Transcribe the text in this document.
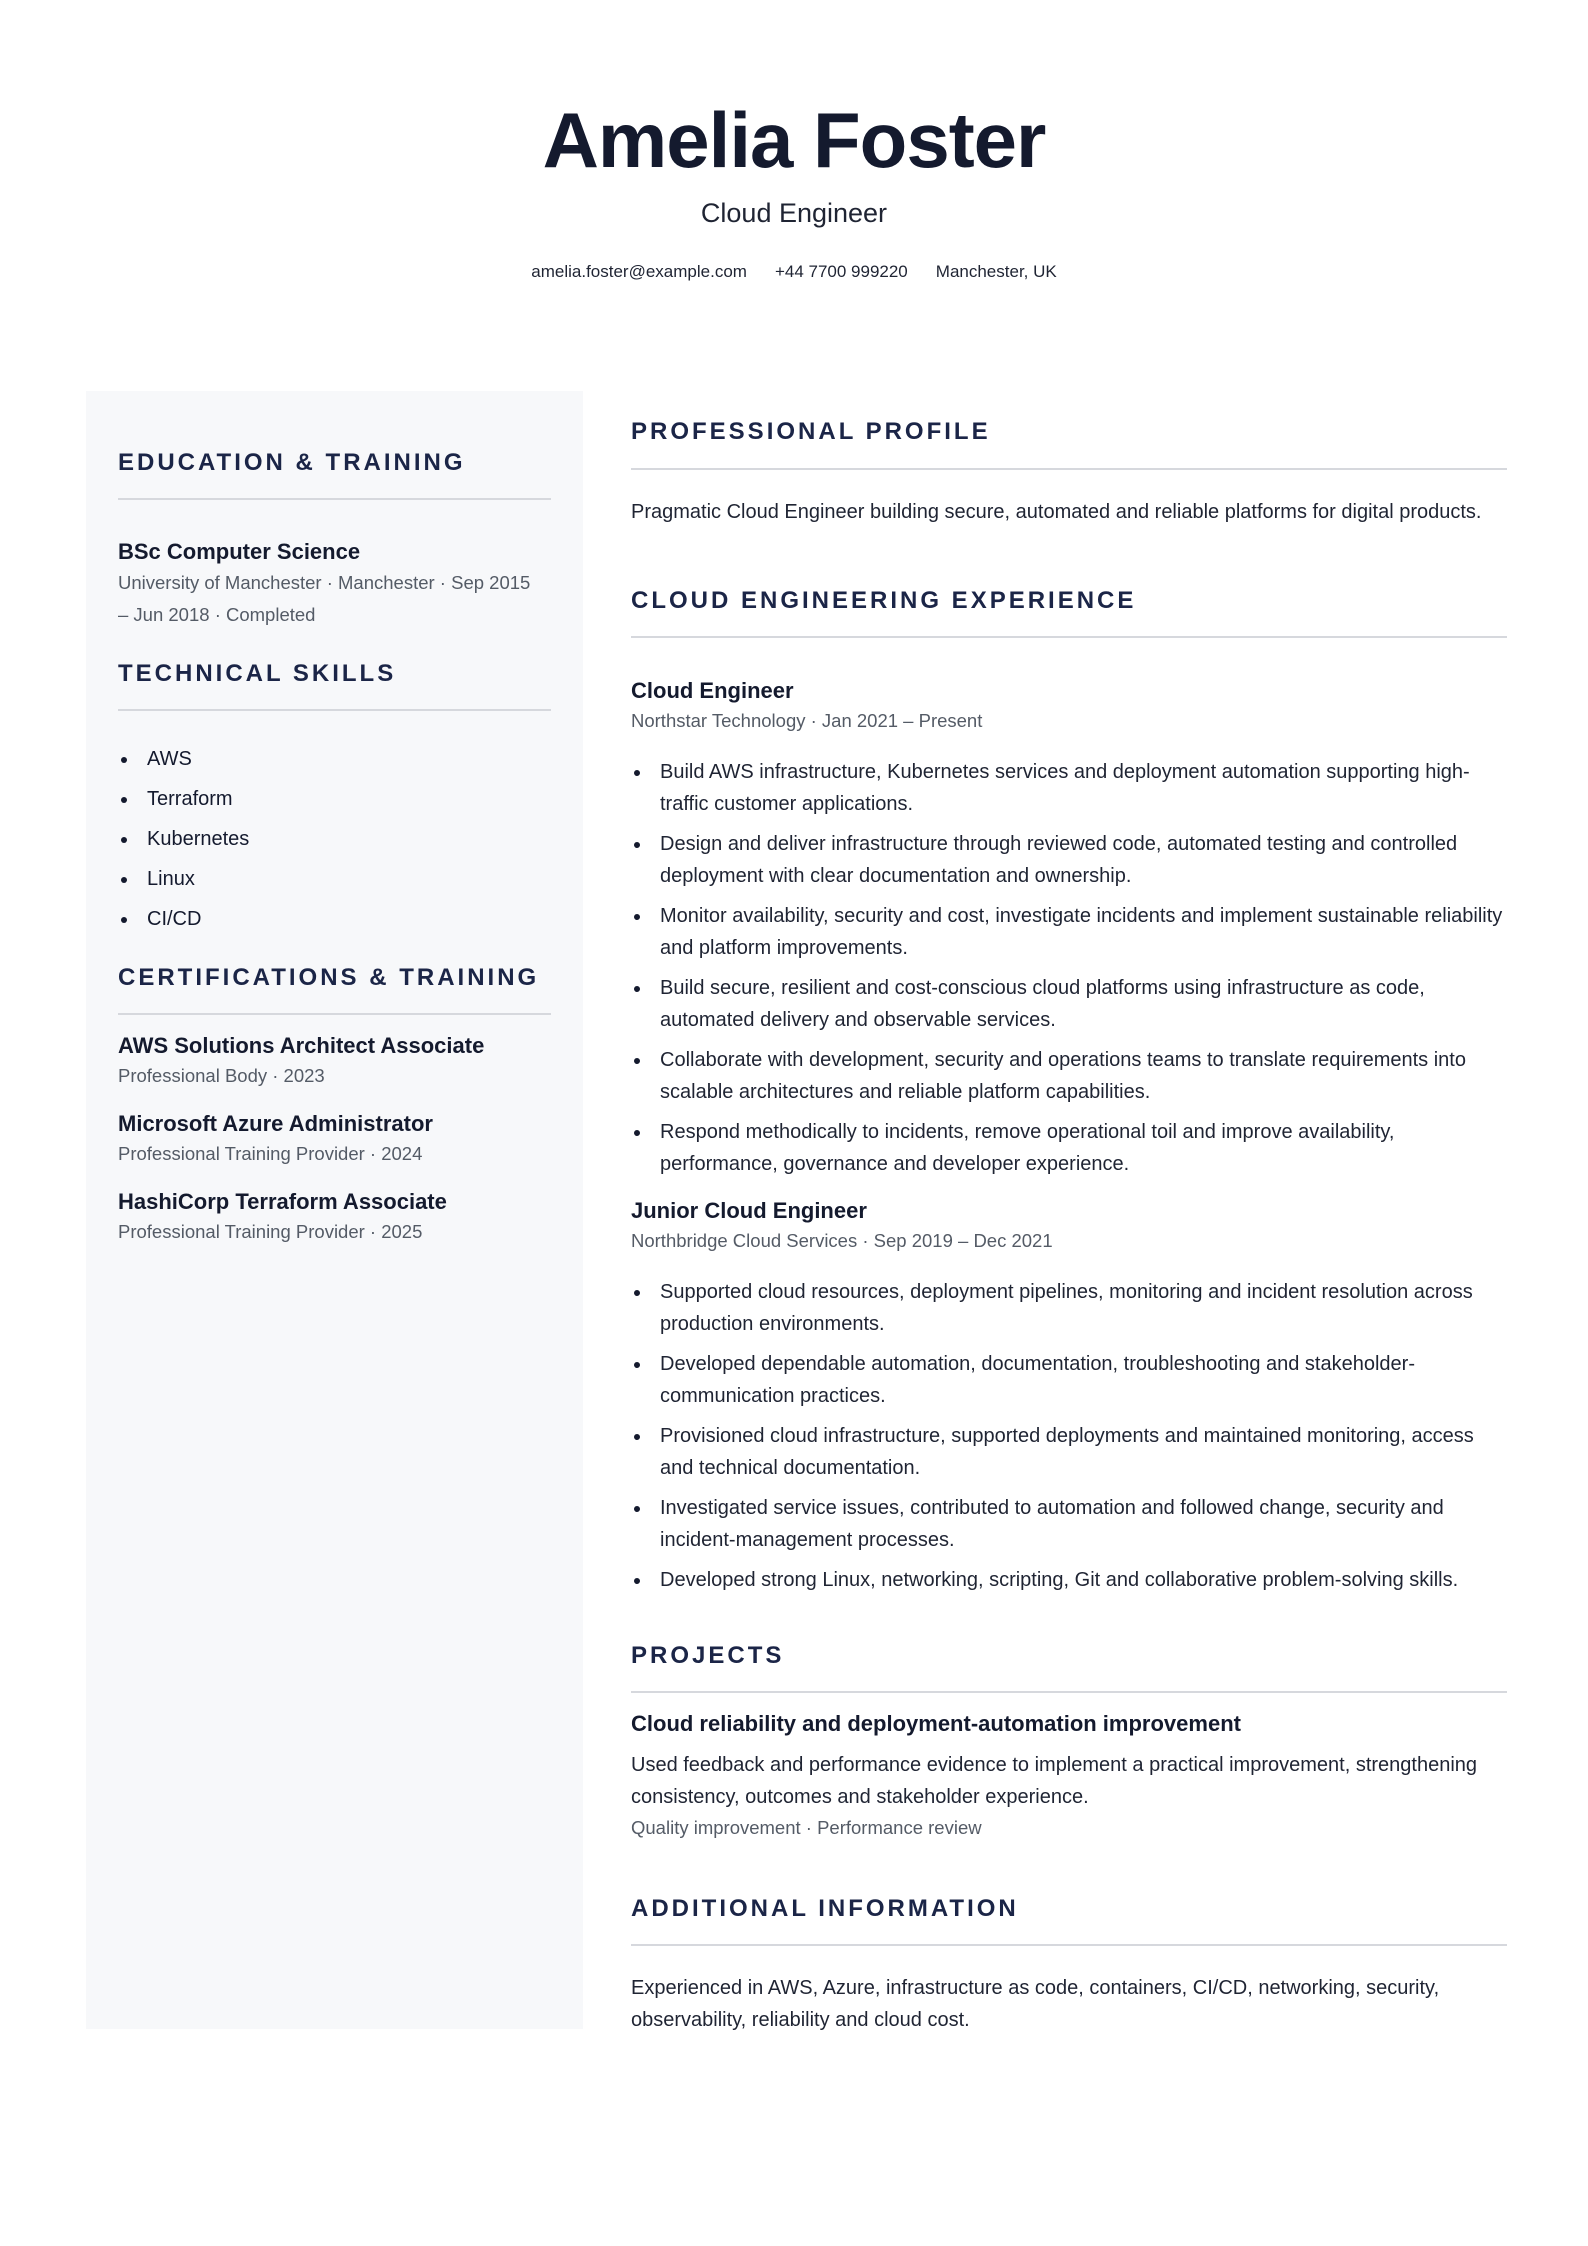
Amelia Foster
Cloud Engineer
amelia.foster@example.com +44 7700 999220 Manchester, UK
EDUCATION & TRAINING
BSc Computer Science
University of Manchester · Manchester · Sep 2015
– Jun 2018 · Completed
TECHNICAL SKILLS
AWS
Terraform
Kubernetes
Linux
CI/CD
CERTIFICATIONS & TRAINING
AWS Solutions Architect Associate
Professional Body · 2023
Microsoft Azure Administrator
Professional Training Provider · 2024
HashiCorp Terraform Associate
Professional Training Provider · 2025
PROFESSIONAL PROFILE
Pragmatic Cloud Engineer building secure, automated and reliable platforms for digital products.
CLOUD ENGINEERING EXPERIENCE
Cloud Engineer
Northstar Technology · Jan 2021 – Present
Build AWS infrastructure, Kubernetes services and deployment automation supporting high-traffic customer applications.
Design and deliver infrastructure through reviewed code, automated testing and controlled deployment with clear documentation and ownership.
Monitor availability, security and cost, investigate incidents and implement sustainable reliability and platform improvements.
Build secure, resilient and cost-conscious cloud platforms using infrastructure as code, automated delivery and observable services.
Collaborate with development, security and operations teams to translate requirements into scalable architectures and reliable platform capabilities.
Respond methodically to incidents, remove operational toil and improve availability, performance, governance and developer experience.
Junior Cloud Engineer
Northbridge Cloud Services · Sep 2019 – Dec 2021
Supported cloud resources, deployment pipelines, monitoring and incident resolution across production environments.
Developed dependable automation, documentation, troubleshooting and stakeholder-communication practices.
Provisioned cloud infrastructure, supported deployments and maintained monitoring, access and technical documentation.
Investigated service issues, contributed to automation and followed change, security and incident-management processes.
Developed strong Linux, networking, scripting, Git and collaborative problem-solving skills.
PROJECTS
Cloud reliability and deployment-automation improvement
Used feedback and performance evidence to implement a practical improvement, strengthening consistency, outcomes and stakeholder experience.
Quality improvement · Performance review
ADDITIONAL INFORMATION
Experienced in AWS, Azure, infrastructure as code, containers, CI/CD, networking, security, observability, reliability and cloud cost.
